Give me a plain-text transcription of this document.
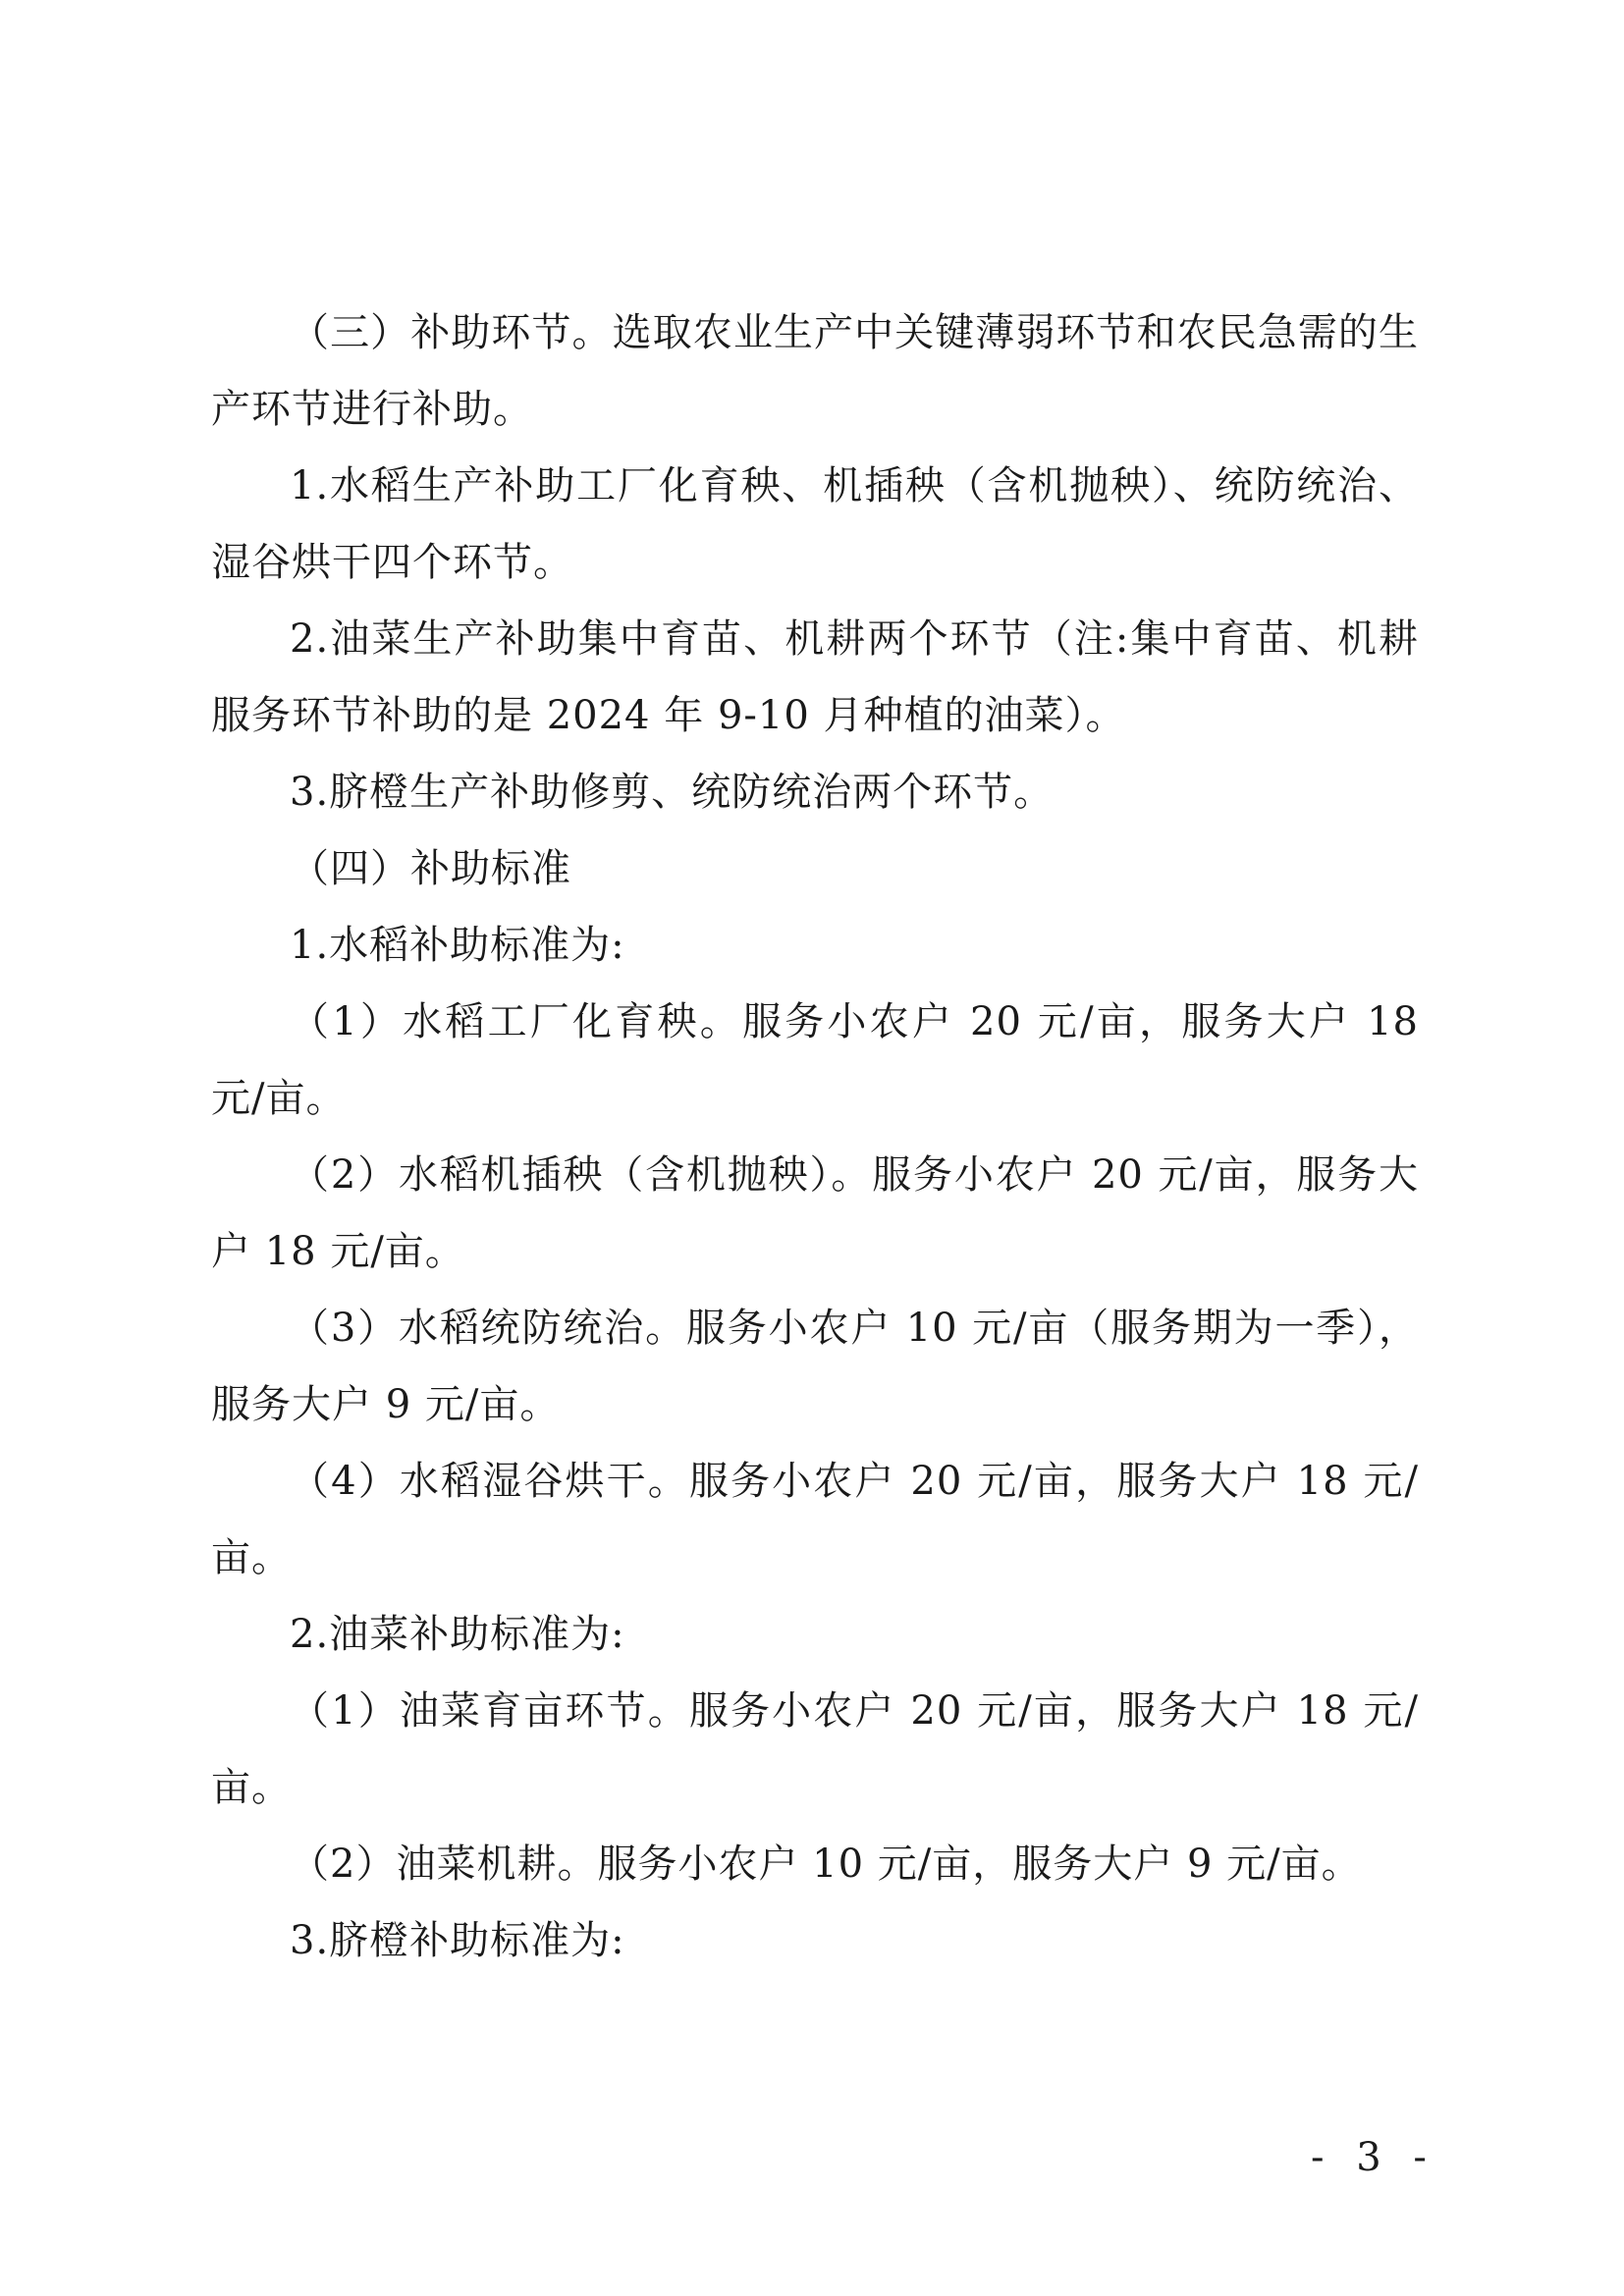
（三）补助环节。选取农业生产中关键薄弱环节和农民急需的生产环节进行补助。

1.水稻生产补助工厂化育秧、机插秧（含机抛秧）、统防统治、湿谷烘干四个环节。

2.油菜生产补助集中育苗、机耕两个环节（注:集中育苗、机耕服务环节补助的是 2024 年 9-10 月种植的油菜）。

3.脐橙生产补助修剪、统防统治两个环节。

（四）补助标准

1.水稻补助标准为:

（1）水稻工厂化育秧。服务小农户 20 元/亩，服务大户 18 元/亩。

（2）水稻机插秧（含机抛秧）。服务小农户 20 元/亩，服务大户 18 元/亩。

（3）水稻统防统治。服务小农户 10 元/亩（服务期为一季），服务大户 9 元/亩。

（4）水稻湿谷烘干。服务小农户 20 元/亩，服务大户 18 元/亩。

2.油菜补助标准为:

（1）油菜育亩环节。服务小农户 20 元/亩，服务大户 18 元/亩。

（2）油菜机耕。服务小农户 10 元/亩，服务大户 9 元/亩。

3.脐橙补助标准为:

- 3 -
